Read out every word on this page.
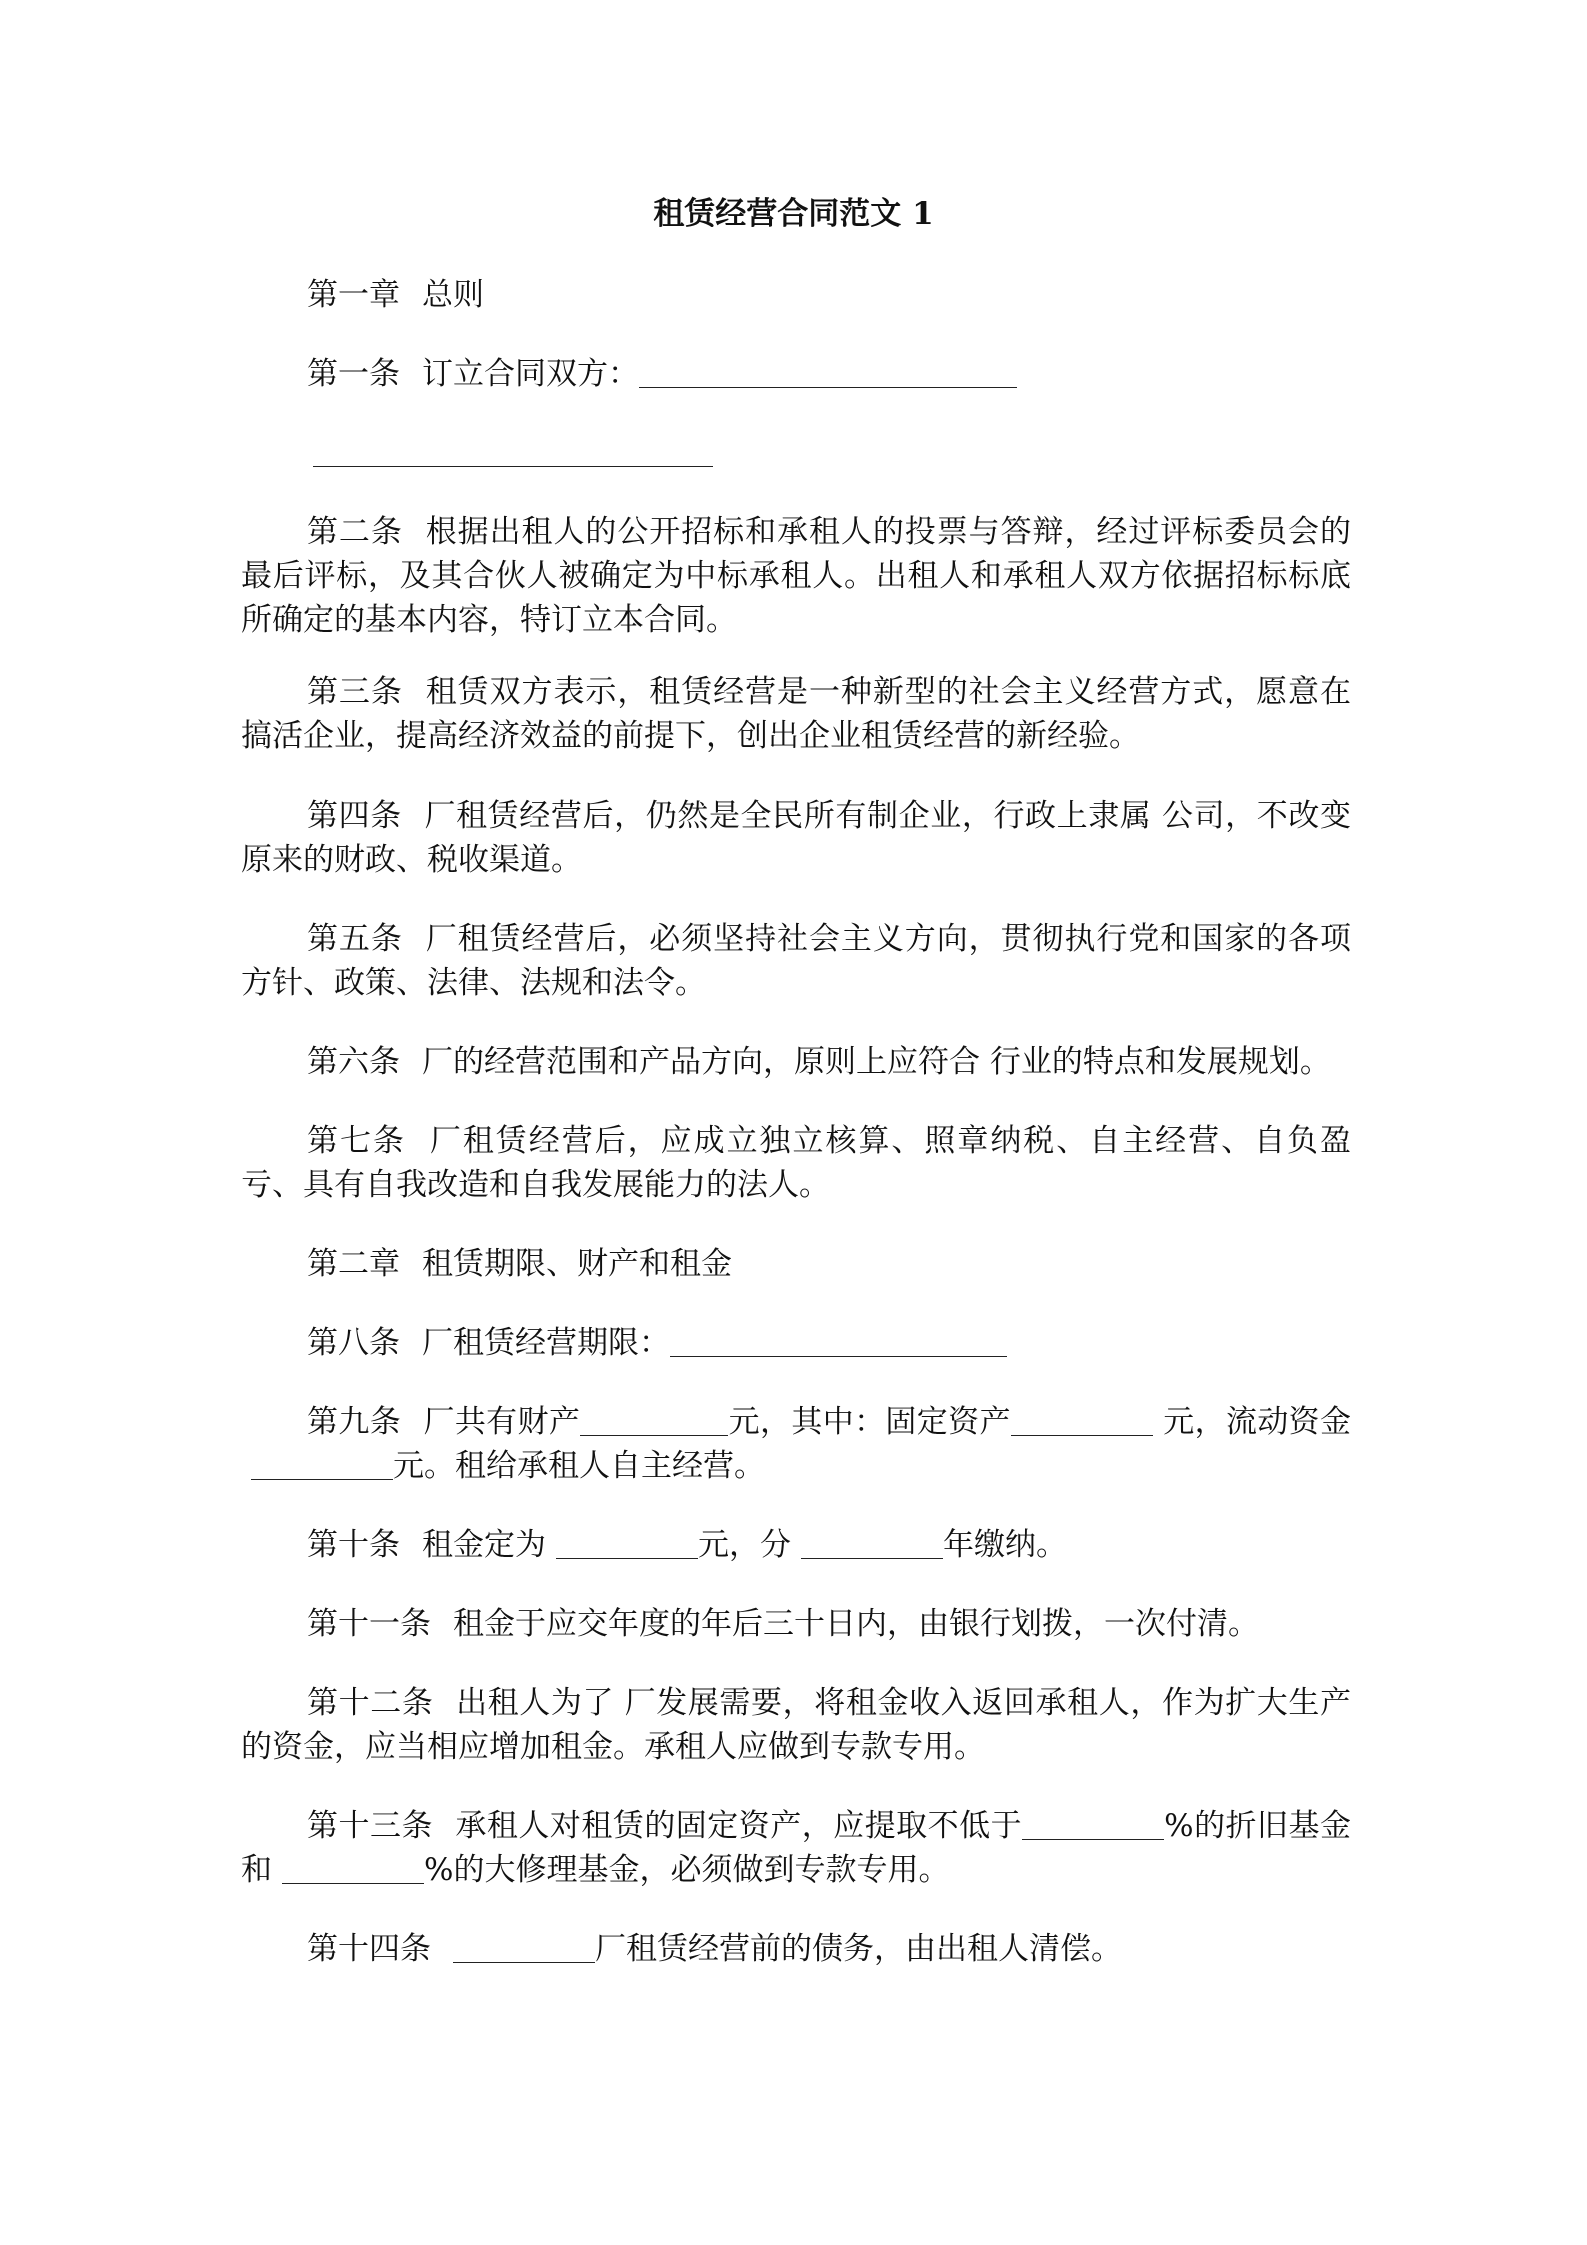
租赁经营合同范文 1
第一章 总则
第一条 订立合同双方：
第二条 根据出租人的公开招标和承租人的投票与答辩，经过评标委员会的最后评标，及其合伙人被确定为中标承租人。出租人和承租人双方依据招标标底所确定的基本内容，特订立本合同。
第三条 租赁双方表示，租赁经营是一种新型的社会主义经营方式，愿意在搞活企业，提高经济效益的前提下，创出企业租赁经营的新经验。
第四条 厂租赁经营后，仍然是全民所有制企业，行政上隶属 公司，不改变原来的财政、税收渠道。
第五条 厂租赁经营后，必须坚持社会主义方向，贯彻执行党和国家的各项方针、政策、法律、法规和法令。
第六条 厂的经营范围和产品方向，原则上应符合 行业的特点和发展规划。
第七条 厂租赁经营后，应成立独立核算、照章纳税、自主经营、自负盈亏、具有自我改造和自我发展能力的法人。
第二章 租赁期限、财产和租金
第八条 厂租赁经营期限：
第九条 厂共有财产	元，其中：固定资产	元，流动资金元。租给承租人自主经营。
第十条 租金定为	元，分	年缴纳。
第十一条 租金于应交年度的年后三十日内，由银行划拨，一次付清。
第十二条 出租人为了 厂发展需要，将租金收入返回承租人，作为扩大生产的资金，应当相应增加租金。承租人应做到专款专用。
第十三条 承租人对租赁的固定资产，应提取不低于	%的折旧基金和	%的大修理基金，必须做到专款专用。
第十四条	厂租赁经营前的债务，由出租人清偿。
